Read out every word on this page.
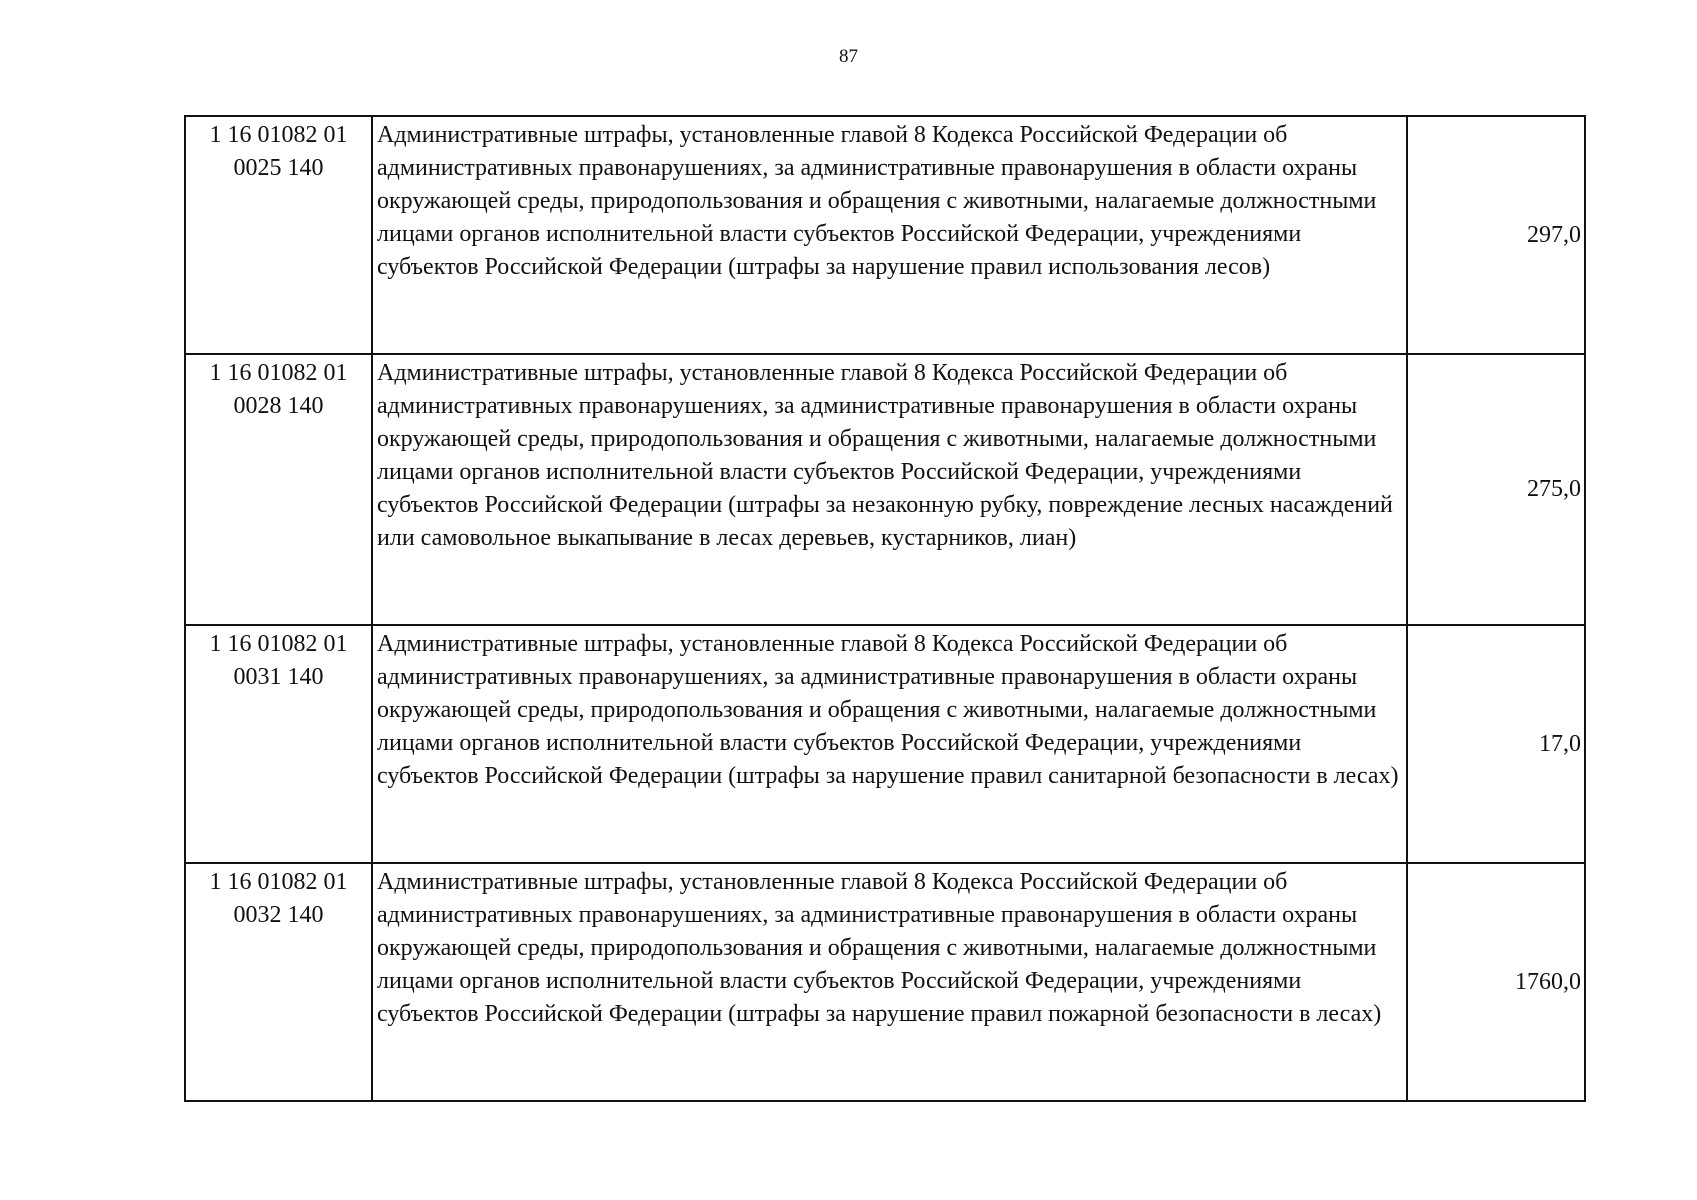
87
1 16 01082 01 0025 140	Административные штрафы, установленные главой 8 Кодекса Российской Федерации об административных правонарушениях, за административные правонарушения в области охраны окружающей среды, природопользования и обращения с животными, налагаемые должностными лицами органов исполнительной власти субъектов Российской Федерации, учреждениями субъектов Российской Федерации (штрафы за нарушение правил использования лесов)	297,0
1 16 01082 01 0028 140	Административные штрафы, установленные главой 8 Кодекса Российской Федерации об административных правонарушениях, за административные правонарушения в области охраны окружающей среды, природопользования и обращения с животными, налагаемые должностными лицами органов исполнительной власти субъектов Российской Федерации, учреждениями субъектов Российской Федерации (штрафы за незаконную рубку, повреждение лесных насаждений или самовольное выкапывание в лесах деревьев, кустарников, лиан)	275,0
1 16 01082 01 0031 140	Административные штрафы, установленные главой 8 Кодекса Российской Федерации об административных правонарушениях, за административные правонарушения в области охраны окружающей среды, природопользования и обращения с животными, налагаемые должностными лицами органов исполнительной власти субъектов Российской Федерации, учреждениями субъектов Российской Федерации (штрафы за нарушение правил санитарной безопасности в лесах)	17,0
1 16 01082 01 0032 140	Административные штрафы, установленные главой 8 Кодекса Российской Федерации об административных правонарушениях, за административные правонарушения в области охраны окружающей среды, природопользования и обращения с животными, налагаемые должностными лицами органов исполнительной власти субъектов Российской Федерации, учреждениями субъектов Российской Федерации (штрафы за нарушение правил пожарной безопасности в лесах)	1760,0
